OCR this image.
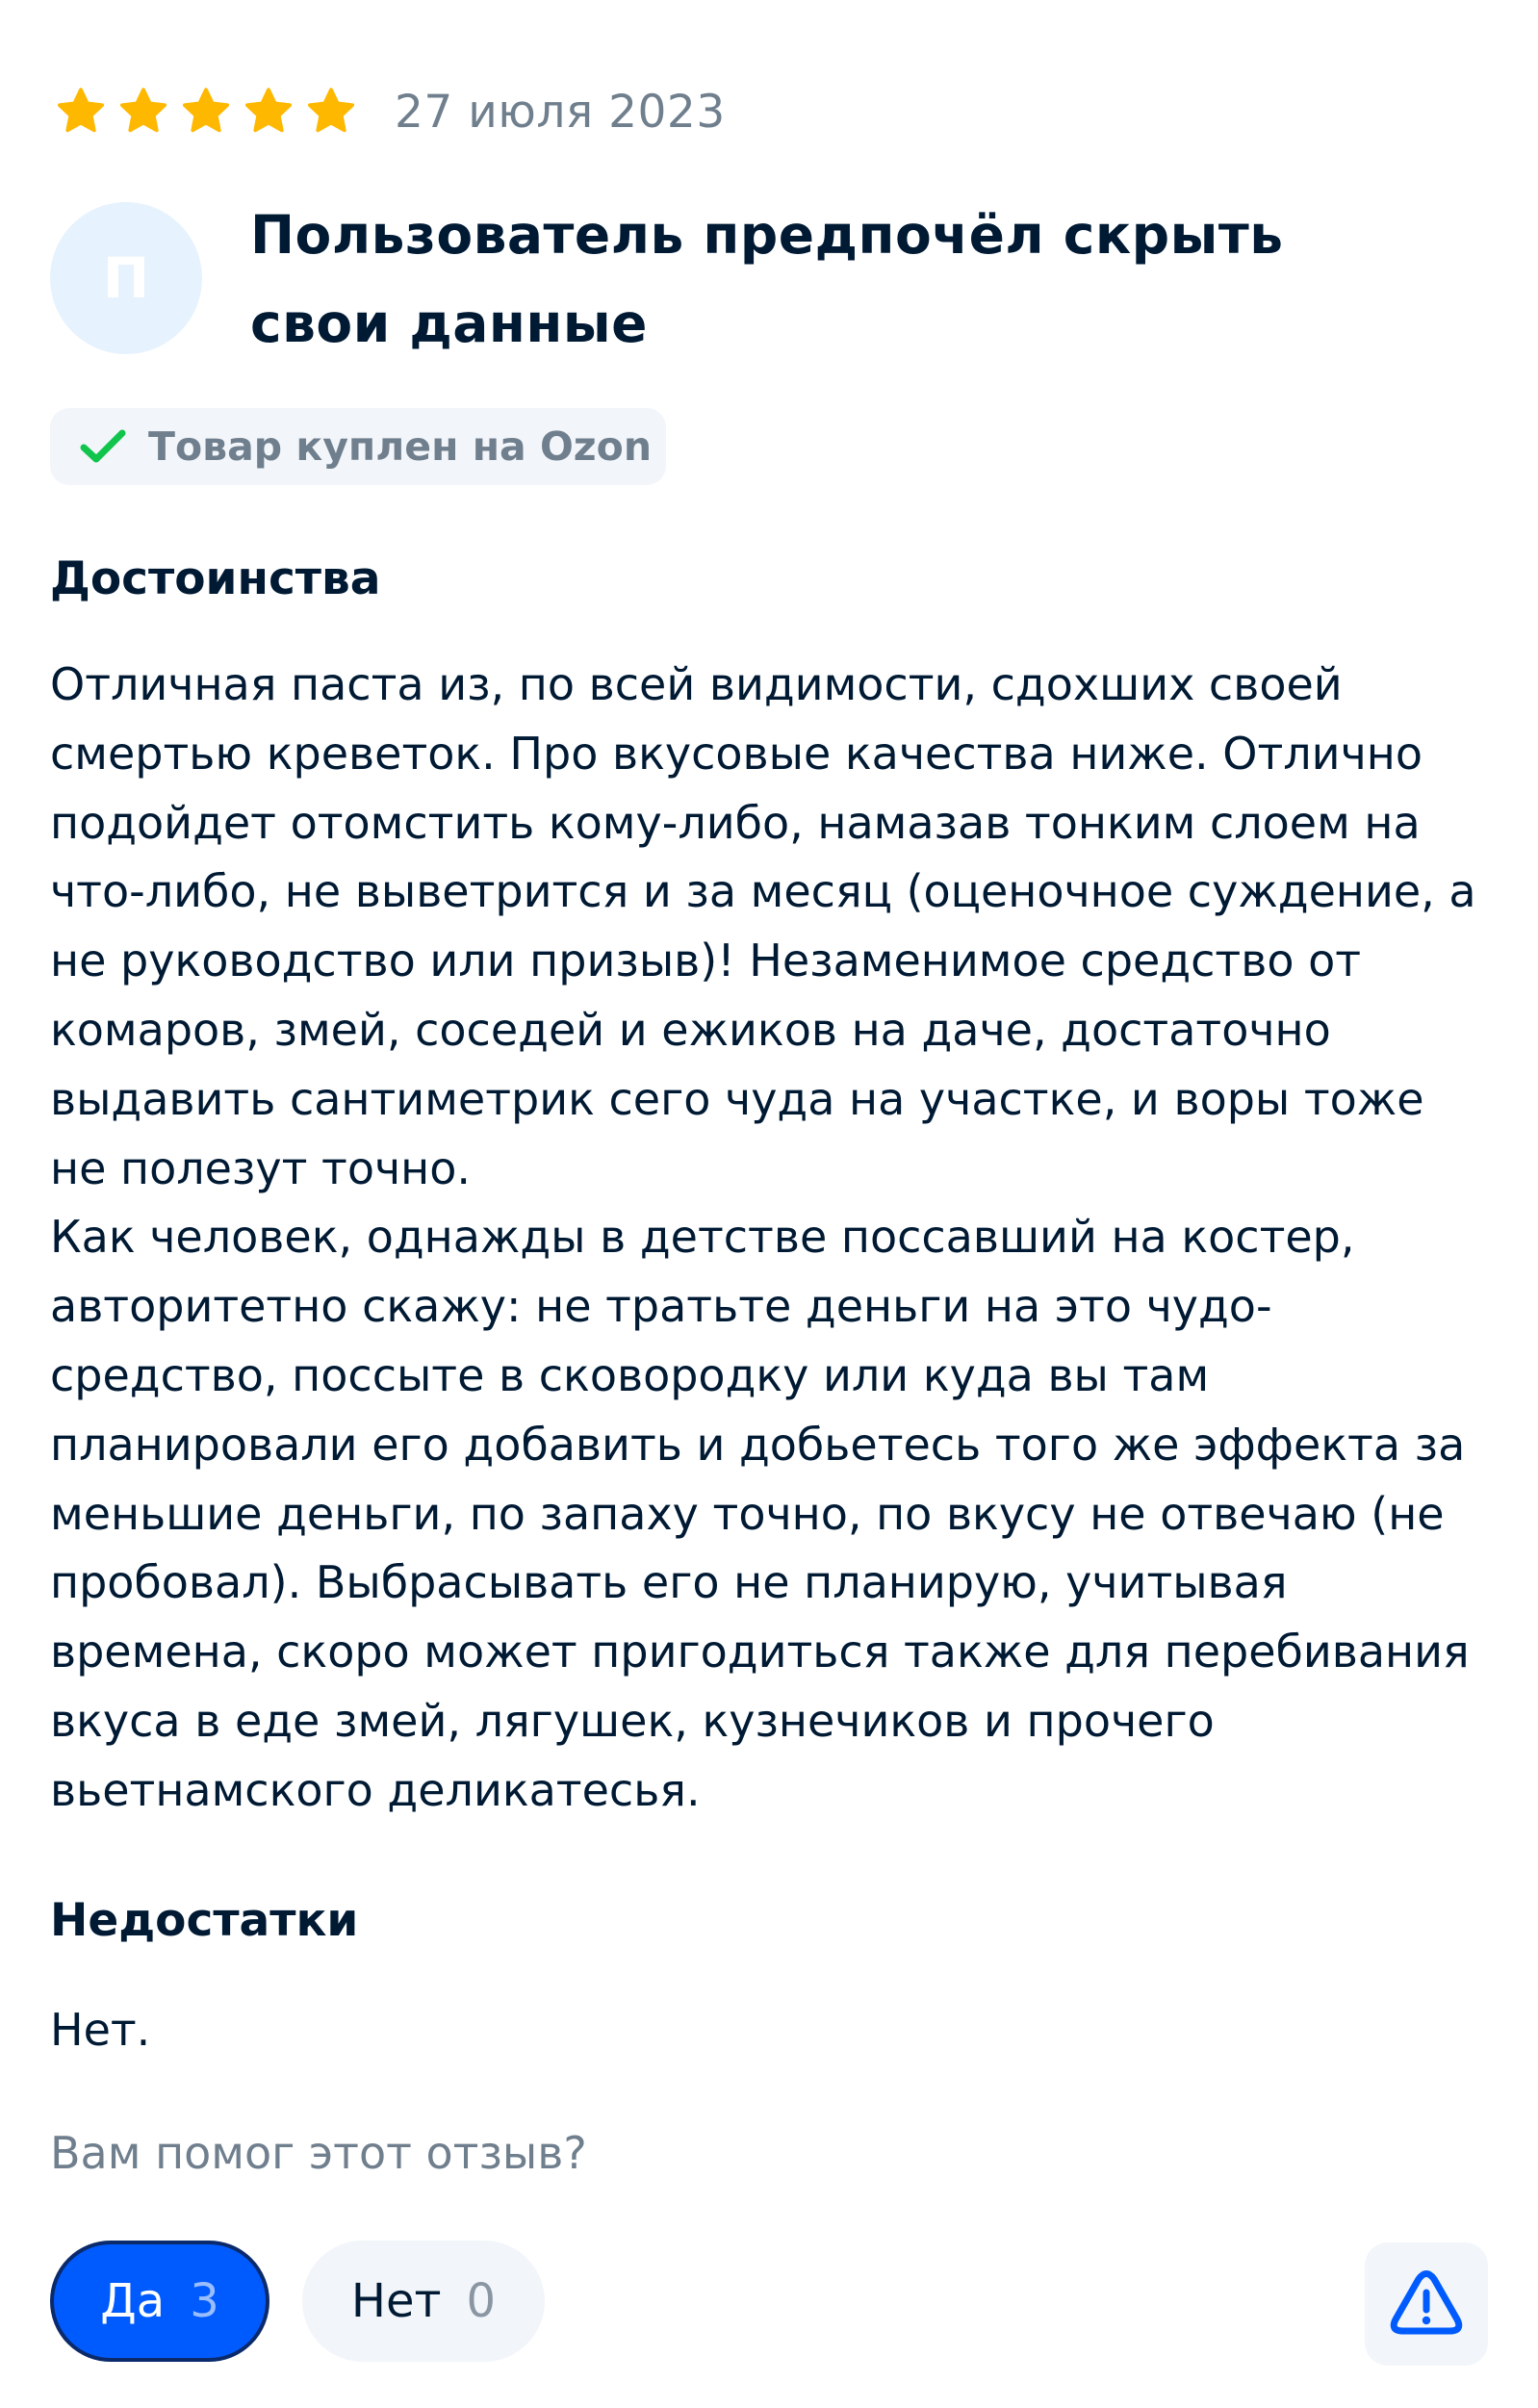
27 июля 2023
П
Пользователь предпочёл скрыть свои данные
Товар куплен на Ozon
Достоинства

Отличная паста из, по всей видимости, сдохших своей смертью креветок. Про вкусовые качества ниже. Отлично подойдет отомстить кому-либо, намазав тонким слоем на что-либо, не выветрится и за месяц (оценочное суждение, а не руководство или призыв)! Незаменимое средство от комаров, змей, соседей и ежиков на даче, достаточно выдавить сантиметрик сего чуда на участке, и воры тоже не полезут точно.

Как человек, однажды в детстве поссавший на костер, авторитетно скажу: не тратьте деньги на это чудо-средство, поссыте в сковородку или куда вы там планировали его добавить и добьетесь того же эффекта за меньшие деньги, по запаху точно, по вкусу не отвечаю (не пробовал). Выбрасывать его не планирую, учитывая времена, скоро может пригодиться также для перебивания вкуса в еде змей, лягушек, кузнечиков и прочего вьетнамского деликатесья.

Недостатки
Нет.
Вам помог этот отзыв?
Да 3	Нет 0
